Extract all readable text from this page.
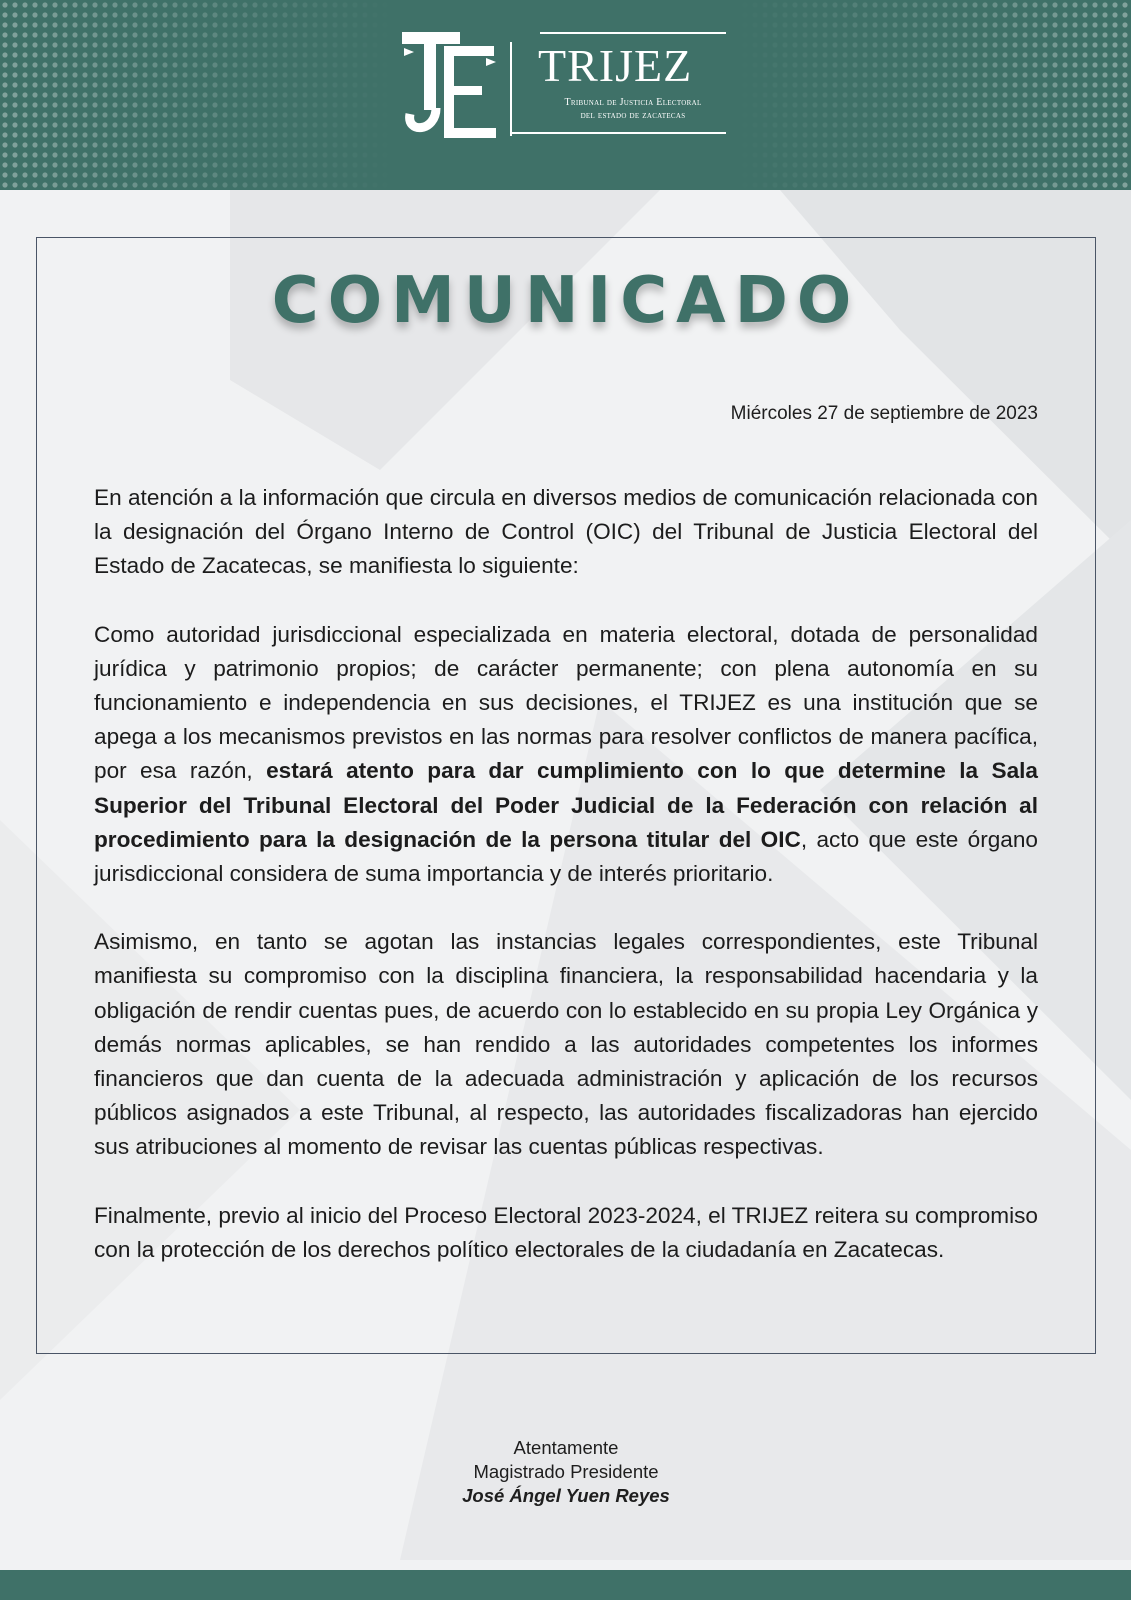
TRIJEZ
Tribunal de Justicia Electoral
del estado de zacatecas
COMUNICADO
Miércoles 27 de septiembre de 2023

En atención a la información que circula en diversos medios de comunicación relacionada con la designación del Órgano Interno de Control (OIC) del Tribunal de Justicia Electoral del Estado de Zacatecas, se manifiesta lo siguiente:

Como autoridad jurisdiccional especializada en materia electoral, dotada de personalidad jurídica y patrimonio propios; de carácter permanente; con plena autonomía en su funcionamiento e independencia en sus decisiones, el TRIJEZ es una institución que se apega a los mecanismos previstos en las normas para resolver conflictos de manera pacífica, por esa razón, estará atento para dar cumplimiento con lo que determine la Sala Superior del Tribunal Electoral del Poder Judicial de la Federación con relación al procedimiento para la designación de la persona titular del OIC, acto que este órgano jurisdiccional considera de suma importancia y de interés prioritario.

Asimismo, en tanto se agotan las instancias legales correspondientes, este Tribunal manifiesta su compromiso con la disciplina financiera, la responsabilidad hacendaria y la obligación de rendir cuentas pues, de acuerdo con lo establecido en su propia Ley Orgánica y demás normas aplicables, se han rendido a las autoridades competentes los informes financieros que dan cuenta de la adecuada administración y aplicación de los recursos públicos asignados a este Tribunal, al respecto, las autoridades fiscalizadoras han ejercido sus atribuciones al momento de revisar las cuentas públicas respectivas.

Finalmente, previo al inicio del Proceso Electoral 2023-2024, el TRIJEZ reitera su compromiso con la protección de los derechos político electorales de la ciudadanía en Zacatecas.

Atentamente
Magistrado Presidente
José Ángel Yuen Reyes
